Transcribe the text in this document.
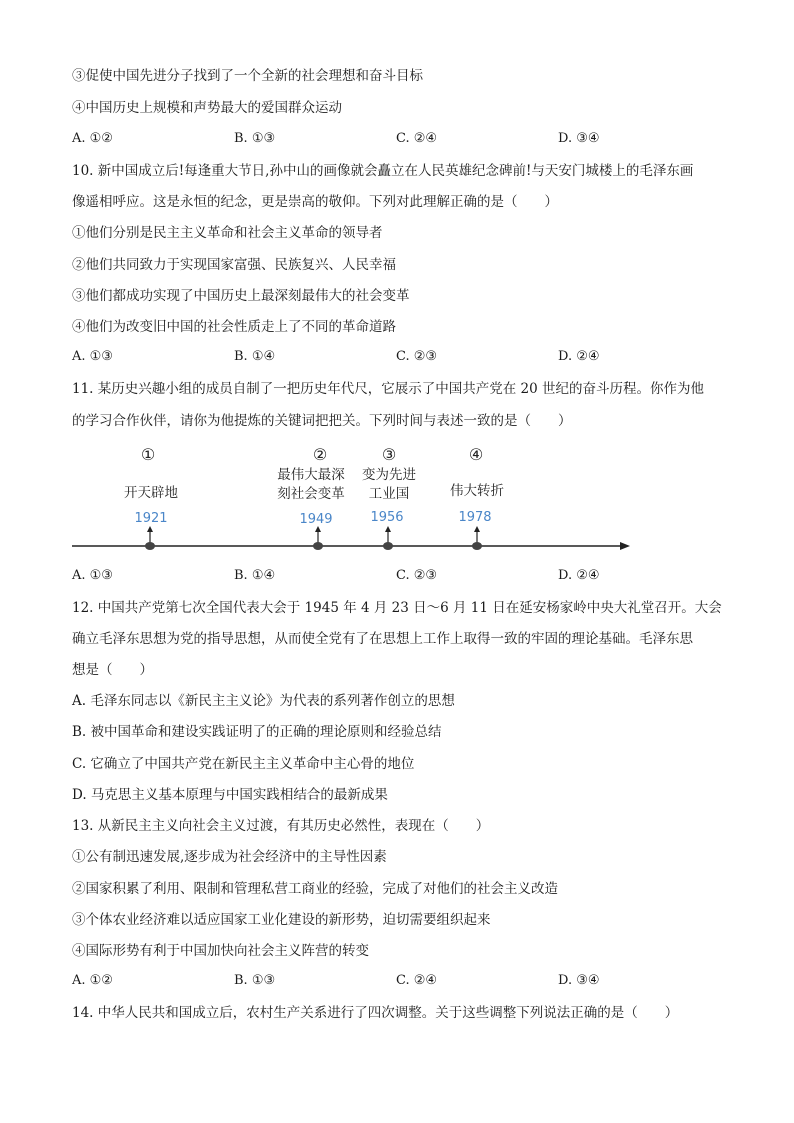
③促使中国先进分子找到了一个全新的社会理想和奋斗目标
④中国历史上规模和声势最大的爱国群众运动
A. ①②	B. ①③	C. ②④	D. ③④
10. 新中国成立后!每逢重大节日,孙中山的画像就会矗立在人民英雄纪念碑前!与天安门城楼上的毛泽东画
像遥相呼应。这是永恒的纪念，更是崇高的敬仰。下列对此理解正确的是（　　）
①他们分别是民主主义革命和社会主义革命的领导者
②他们共同致力于实现国家富强、民族复兴、人民幸福
③他们都成功实现了中国历史上最深刻最伟大的社会变革
④他们为改变旧中国的社会性质走上了不同的革命道路
A. ①③	B. ①④	C. ②③	D. ②④
11. 某历史兴趣小组的成员自制了一把历史年代尺，它展示了中国共产党在 20 世纪的奋斗历程。你作为他
的学习合作伙伴，请你为他提炼的关键词把把关。下列时间与表述一致的是（　　）
①
开天辟地
1921
②
最伟大最深
刻社会变革
1949
③
变为先进
工业国
1956
④
伟大转折
1978
A. ①③	B. ①④	C. ②③	D. ②④
12. 中国共产党第七次全国代表大会于 1945 年 4 月 23 日～6 月 11 日在延安杨家岭中央大礼堂召开。大会
确立毛泽东思想为党的指导思想，从而使全党有了在思想上工作上取得一致的牢固的理论基础。毛泽东思
想是（　　）
A. 毛泽东同志以《新民主主义论》为代表的系列著作创立的思想
B. 被中国革命和建设实践证明了的正确的理论原则和经验总结
C. 它确立了中国共产党在新民主主义革命中主心骨的地位
D. 马克思主义基本原理与中国实践相结合的最新成果
13. 从新民主主义向社会主义过渡，有其历史必然性，表现在（　　）
①公有制迅速发展,逐步成为社会经济中的主导性因素
②国家积累了利用、限制和管理私营工商业的经验，完成了对他们的社会主义改造
③个体农业经济难以适应国家工业化建设的新形势，迫切需要组织起来
④国际形势有利于中国加快向社会主义阵营的转变
A. ①②	B. ①③	C. ②④	D. ③④
14. 中华人民共和国成立后，农村生产关系进行了四次调整。关于这些调整下列说法正确的是（　　）
